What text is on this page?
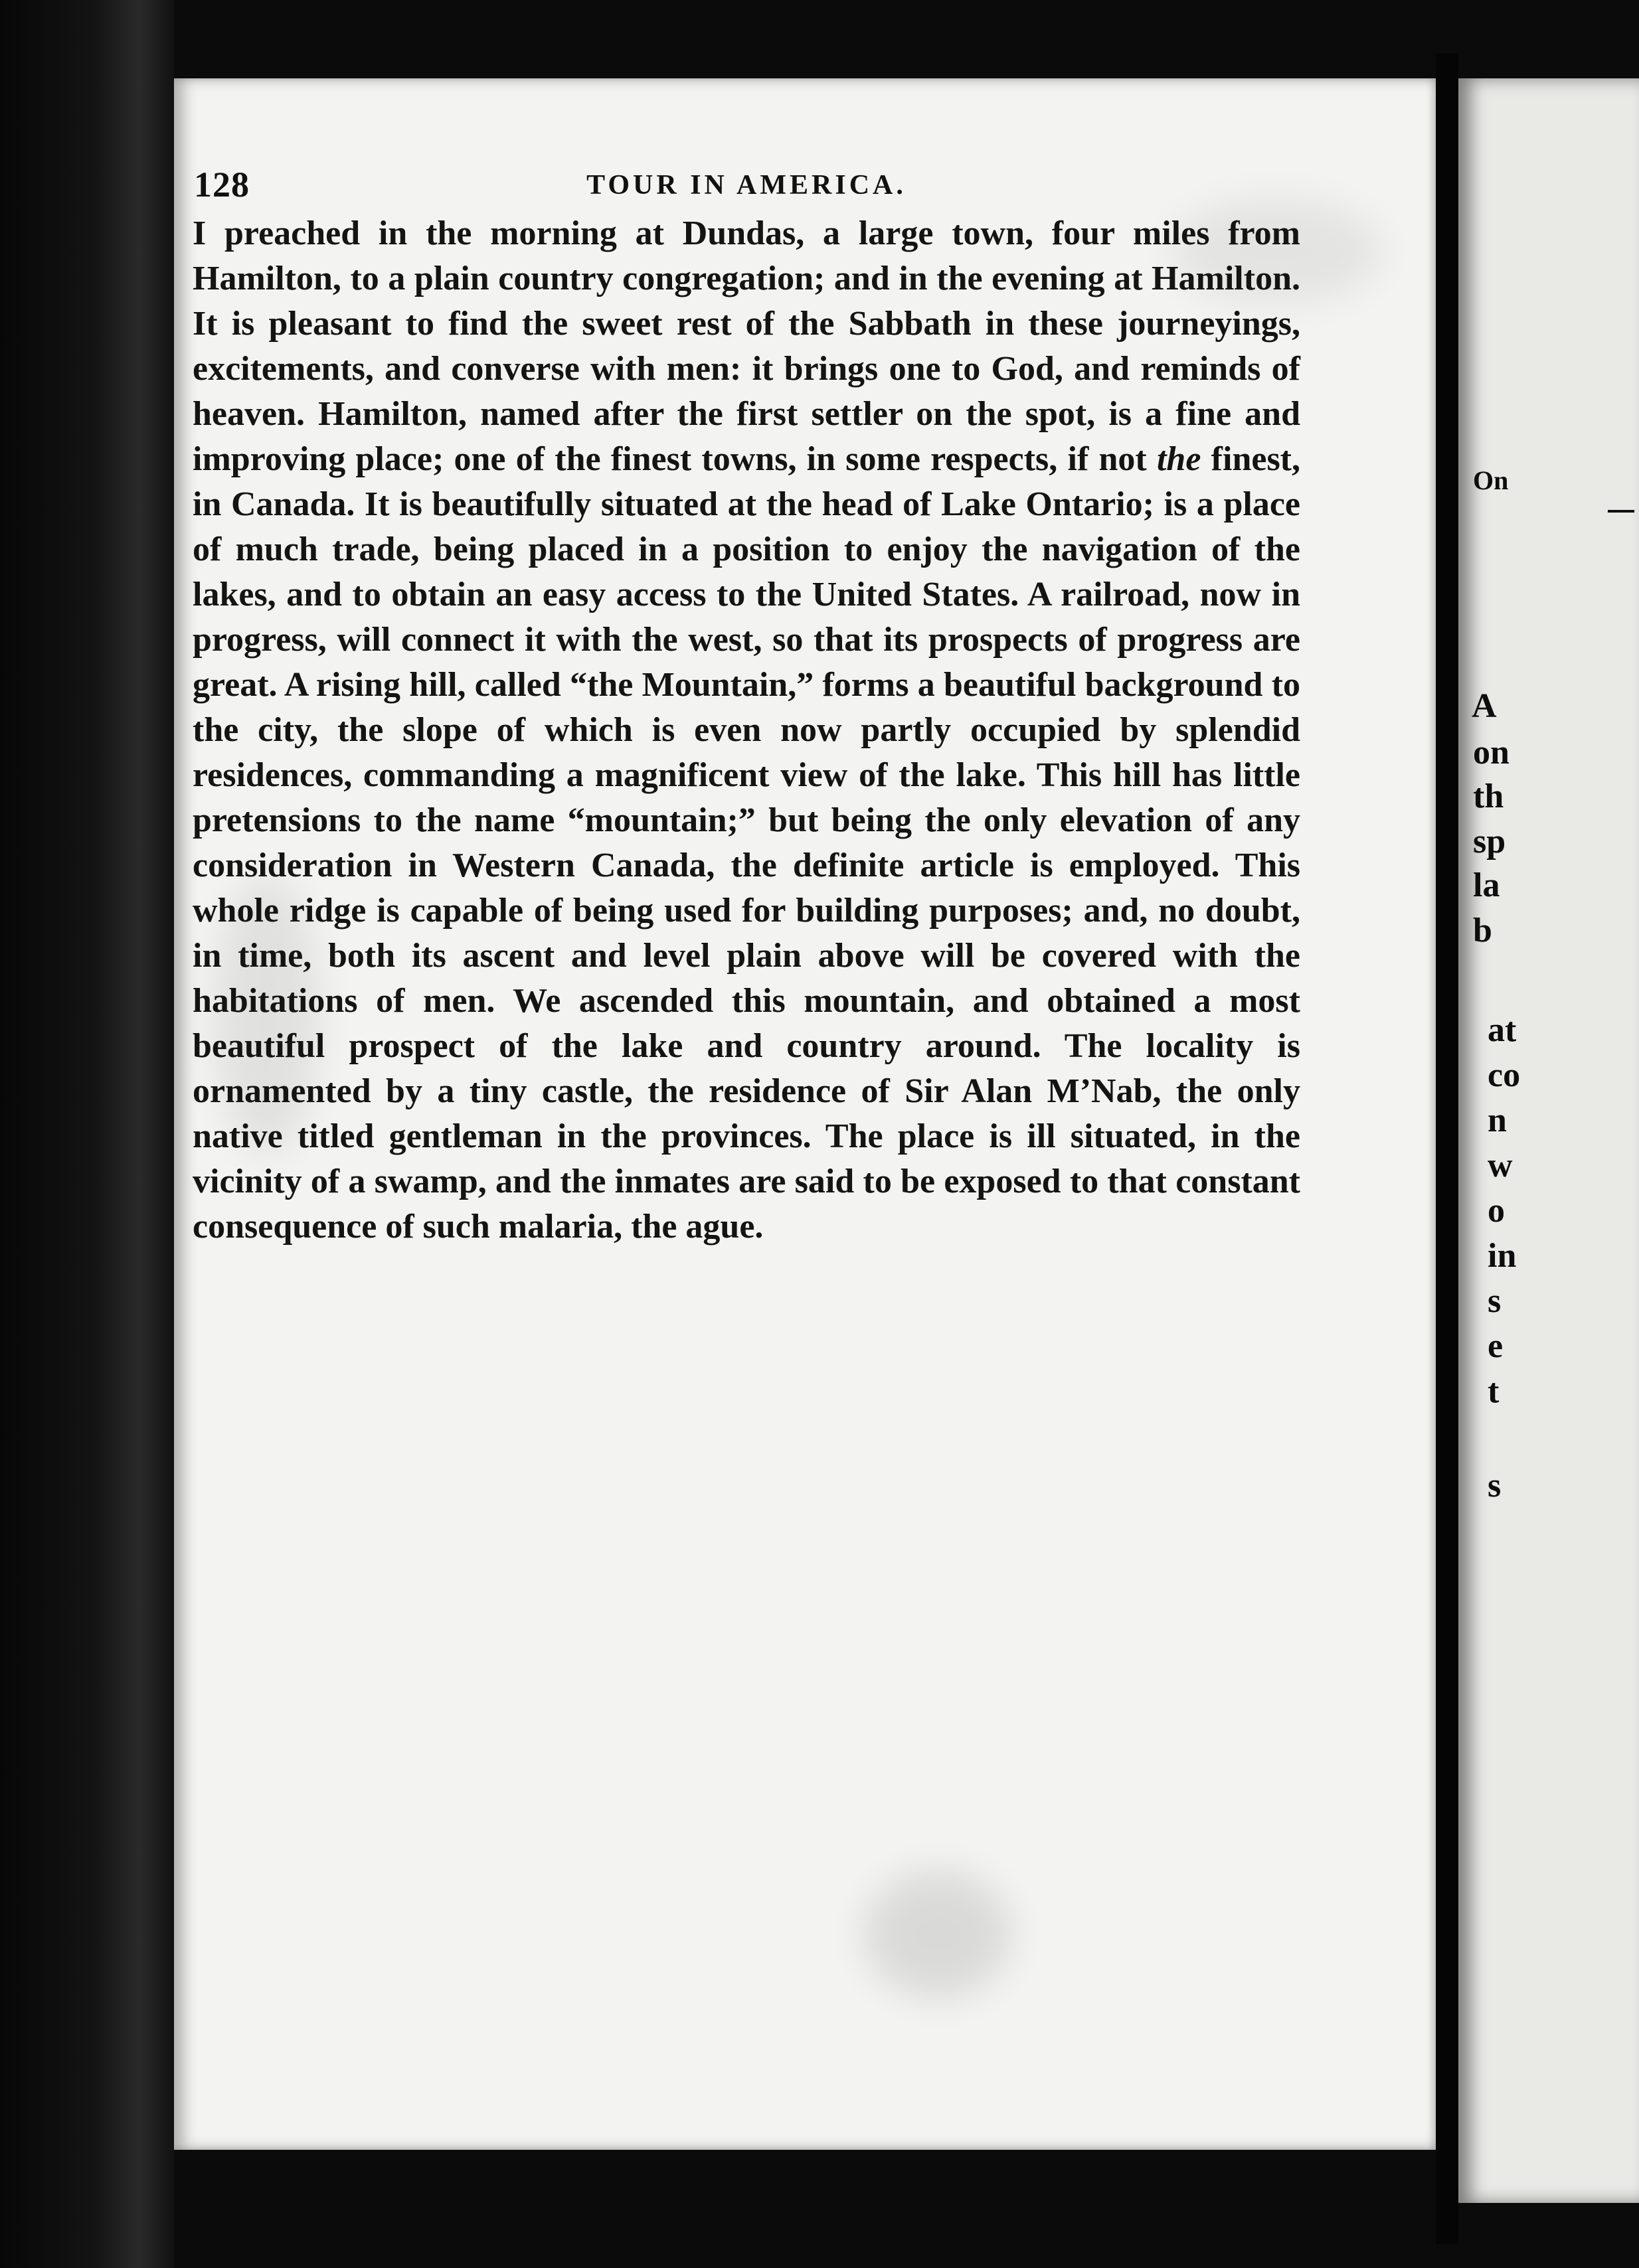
On
A
on
th
sp
la
b
at
co
n
w
o
in
s
e
t
s
128	TOUR IN AMERICA.

I preached in the morning at Dundas, a large town, four miles from Hamilton, to a plain country congregation; and in the evening at Hamilton. It is pleasant to find the sweet rest of the Sabbath in these journeyings, excitements, and converse with men: it brings one to God, and reminds of heaven. Hamilton, named after the first settler on the spot, is a fine and improving place; one of the finest towns, in some respects, if not the finest, in Canada. It is beautifully situated at the head of Lake Ontario; is a place of much trade, being placed in a position to enjoy the navigation of the lakes, and to obtain an easy access to the United States. A railroad, now in progress, will connect it with the west, so that its prospects of progress are great. A rising hill, called “the Mountain,” forms a beautiful background to the city, the slope of which is even now partly occupied by splendid residences, commanding a magnificent view of the lake. This hill has little pretensions to the name “mountain;” but being the only elevation of any consideration in Western Canada, the definite article is employed. This whole ridge is capable of being used for building purposes; and, no doubt, in time, both its ascent and level plain above will be covered with the habitations of men. We ascended this mountain, and obtained a most beautiful prospect of the lake and country around. The locality is ornamented by a tiny castle, the residence of Sir Alan M’Nab, the only native titled gentleman in the provinces. The place is ill situated, in the vicinity of a swamp, and the inmates are said to be exposed to that constant consequence of such malaria, the ague.
